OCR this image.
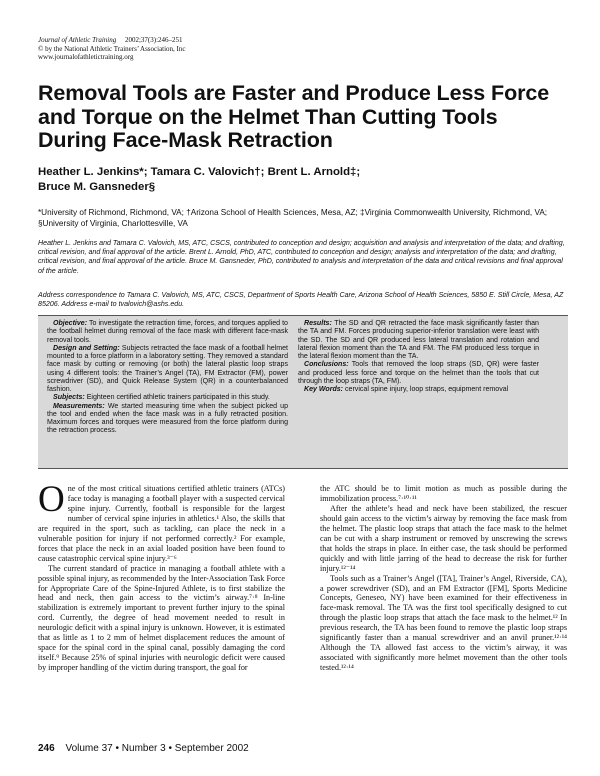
Journal of Athletic Training 2002;37(3):246–251
© by the National Athletic Trainers’ Association, Inc
www.journalofathletictraining.org
Removal Tools are Faster and Produce Less Force and Torque on the Helmet Than Cutting Tools During Face-Mask Retraction
Heather L. Jenkins*; Tamara C. Valovich†; Brent L. Arnold‡;
Bruce M. Gansneder§
*University of Richmond, Richmond, VA; †Arizona School of Health Sciences, Mesa, AZ; ‡Virginia Commonwealth University, Richmond, VA; §University of Virginia, Charlottesville, VA
Heather L. Jenkins and Tamara C. Valovich, MS, ATC, CSCS, contributed to conception and design; acquisition and analysis and interpretation of the data; and drafting, critical revision, and final approval of the article. Brent L. Arnold, PhD, ATC, contributed to conception and design; analysis and interpretation of the data; and drafting, critical revision, and final approval of the article. Bruce M. Gansneder, PhD, contributed to analysis and interpretation of the data and critical revisions and final approval of the article.
Address correspondence to Tamara C. Valovich, MS, ATC, CSCS, Department of Sports Health Care, Arizona School of Health Sciences, 5850 E. Still Circle, Mesa, AZ 85206. Address e-mail to tvalovich@ashs.edu.

Objective: To investigate the retraction time, forces, and torques applied to the football helmet during removal of the face mask with different face-mask removal tools.

Design and Setting: Subjects retracted the face mask of a football helmet mounted to a force platform in a laboratory setting. They removed a standard face mask by cutting or removing (or both) the lateral plastic loop straps using 4 different tools: the Trainer’s Angel (TA), FM Extractor (FM), power screwdriver (SD), and Quick Release System (QR) in a counterbalanced fashion.

Subjects: Eighteen certified athletic trainers participated in this study.

Measurements: We started measuring time when the subject picked up the tool and ended when the face mask was in a fully retracted position. Maximum forces and torques were measured from the force platform during the retraction process.

Results: The SD and QR retracted the face mask significantly faster than the TA and FM. Forces producing superior-inferior translation were least with the SD. The SD and QR produced less lateral translation and rotation and lateral flexion moment than the TA and FM. The FM produced less torque in the lateral flexion moment than the TA.

Conclusions: Tools that removed the loop straps (SD, QR) were faster and produced less force and torque on the helmet than the tools that cut through the loop straps (TA, FM).

Key Words: cervical spine injury, loop straps, equipment removal

One of the most critical situations certified athletic trainers (ATCs) face today is managing a football player with a suspected cervical spine injury. Currently, football is responsible for the largest number of cervical spine injuries in athletics.¹ Also, the skills that are required in the sport, such as tackling, can place the neck in a vulnerable position for injury if not performed correctly.² For example, forces that place the neck in an axial loaded position have been found to cause catastrophic cervical spine injury.³⁻⁶

The current standard of practice in managing a football athlete with a possible spinal injury, as recommended by the Inter-Association Task Force for Appropriate Care of the Spine-Injured Athlete, is to first stabilize the head and neck, then gain access to the victim’s airway.⁷·⁸ In-line stabilization is extremely important to prevent further injury to the spinal cord. Currently, the degree of head movement needed to result in neurologic deficit with a spinal injury is unknown. However, it is estimated that as little as 1 to 2 mm of helmet displacement reduces the amount of space for the spinal cord in the spinal canal, possibly damaging the cord itself.⁹ Because 25% of spinal injuries with neurologic deficit were caused by improper handling of the victim during transport, the goal for

the ATC should be to limit motion as much as possible during the immobilization process.⁷·¹⁰·¹¹

After the athlete’s head and neck have been stabilized, the rescuer should gain access to the victim’s airway by removing the face mask from the helmet. The plastic loop straps that attach the face mask to the helmet can be cut with a sharp instrument or removed by unscrewing the screws that holds the straps in place. In either case, the task should be performed quickly and with little jarring of the head to decrease the risk for further injury.¹²⁻¹⁴

Tools such as a Trainer’s Angel ([TA], Trainer’s Angel, Riverside, CA), a power screwdriver (SD), and an FM Extractor ([FM], Sports Medicine Concepts, Geneseo, NY) have been examined for their effectiveness in face-mask removal. The TA was the first tool specifically designed to cut through the plastic loop straps that attach the face mask to the helmet.¹² In previous research, the TA has been found to remove the plastic loop straps significantly faster than a manual screwdriver and an anvil pruner.¹²·¹⁴ Although the TA allowed fast access to the victim’s airway, it was associated with significantly more helmet movement than the other tools tested.¹²·¹⁴

246 Volume 37 • Number 3 • September 2002
